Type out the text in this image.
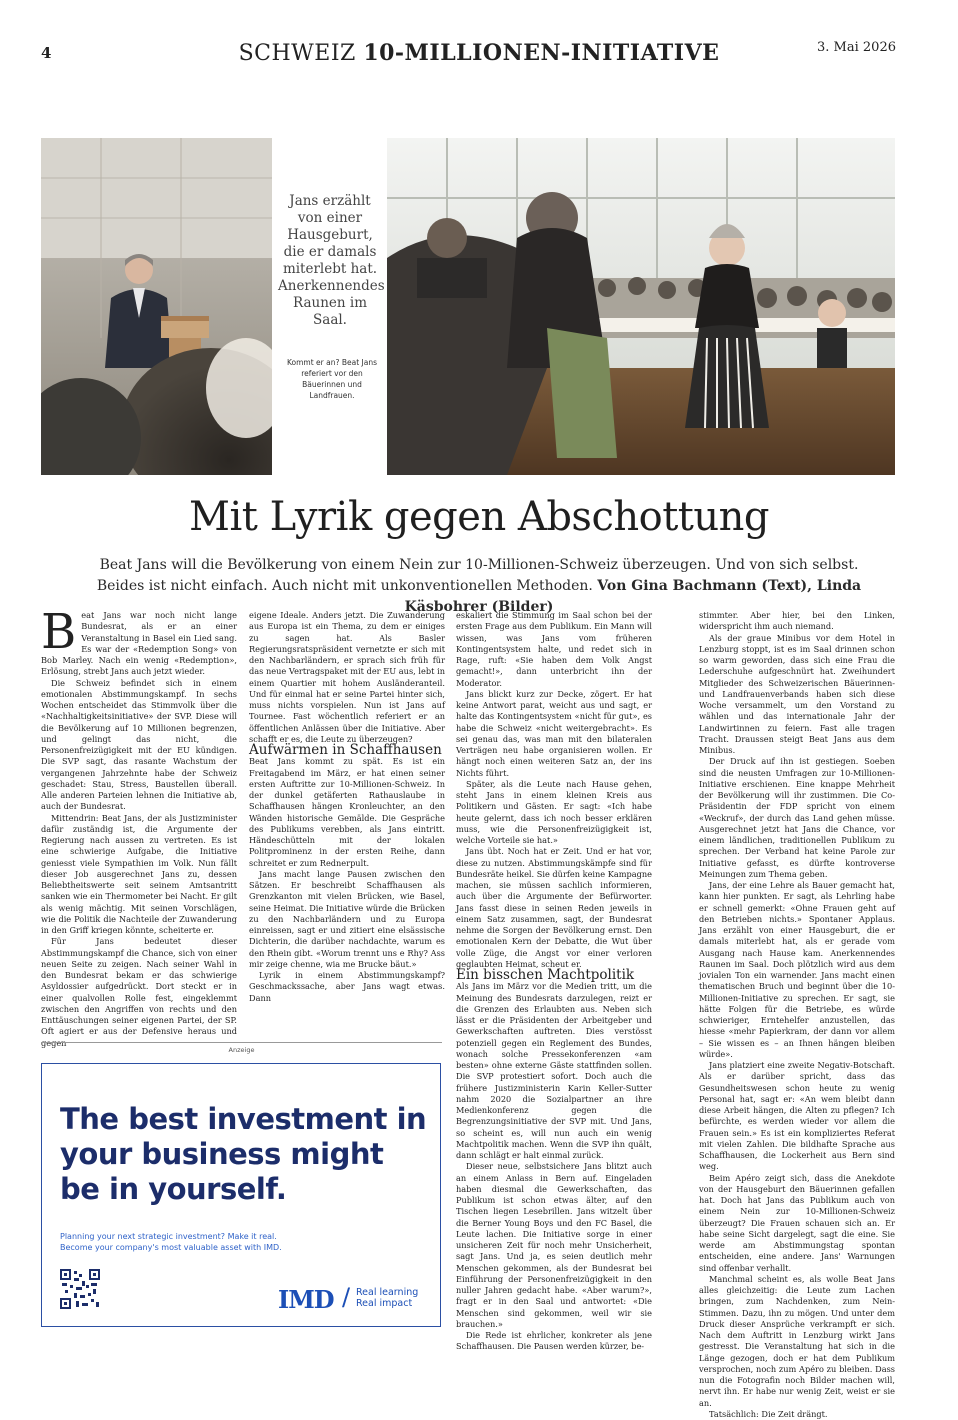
4	SCHWEIZ 10-MILLIONEN-INITIATIVE	3. Mai 2026
Jans erzählt von einer Hausgeburt, die er damals miterlebt hat. Anerkennendes Raunen im Saal.
Kommt er an? Beat Jans referiert vor den Bäuerinnen und Landfrauen.
Mit Lyrik gegen Abschottung
Beat Jans will die Bevölkerung von einem Nein zur 10-Millionen-Schweiz überzeugen. Und von sich selbst. Beides ist nicht einfach. Auch nicht mit unkonventionellen Methoden. Von Gina Bachmann (Text), Linda Käsbohrer (Bilder)

Beat Jans war noch nicht lange Bundesrat, als er an einer Veranstaltung in Basel ein Lied sang. Es war der «Redemption Song» von Bob Marley. Nach ein wenig «Redemption», Erlösung, strebt Jans auch jetzt wieder.

Die Schweiz befindet sich in einem emotionalen Abstimmungskampf. In sechs Wochen entscheidet das Stimmvolk über die «Nachhaltigkeitsinitiative» der SVP. Diese will die Bevölkerung auf 10 Millionen begrenzen, und gelingt das nicht, die Personenfreizügigkeit mit der EU kündigen. Die SVP sagt, das rasante Wachstum der vergangenen Jahrzehnte habe der Schweiz geschadet: Stau, Stress, Baustellen überall. Alle anderen Parteien lehnen die Initiative ab, auch der Bundesrat.

Mittendrin: Beat Jans, der als Justizminister dafür zuständig ist, die Argumente der Regierung nach aussen zu vertreten. Es ist eine schwierige Aufgabe, die Initiative geniesst viele Sympathien im Volk. Nun fällt dieser Job ausgerechnet Jans zu, dessen Beliebtheitswerte seit seinem Amtsantritt sanken wie ein Thermometer bei Nacht. Er gilt als wenig mächtig. Mit seinen Vorschlägen, wie die Politik die Nachteile der Zuwanderung in den Griff kriegen könnte, scheiterte er.

Für Jans bedeutet dieser Abstimmungskampf die Chance, sich von einer neuen Seite zu zeigen. Nach seiner Wahl in den Bundesrat bekam er das schwierige Asyldossier aufgedrückt. Dort steckt er in einer qualvollen Rolle fest, eingeklemmt zwischen den Angriffen von rechts und den Enttäuschungen seiner eigenen Partei, der SP. Oft agiert er aus der Defensive heraus und gegen

eigene Ideale. Anders jetzt. Die Zuwanderung aus Europa ist ein Thema, zu dem er einiges zu sagen hat. Als Basler Regierungsratspräsident vernetzte er sich mit den Nachbarländern, er sprach sich früh für das neue Vertragspaket mit der EU aus, lebt in einem Quartier mit hohem Ausländeranteil. Und für einmal hat er seine Partei hinter sich, muss nichts vorspielen. Nun ist Jans auf Tournee. Fast wöchentlich referiert er an öffentlichen Anlässen über die Initiative. Aber schafft er es, die Leute zu überzeugen?

Aufwärmen in Schaffhausen

Beat Jans kommt zu spät. Es ist ein Freitagabend im März, er hat einen seiner ersten Auftritte zur 10-Millionen-Schweiz. In der dunkel getäferten Rathauslaube in Schaffhausen hängen Kronleuchter, an den Wänden historische Gemälde. Die Gespräche des Publikums verebben, als Jans eintritt. Händeschütteln mit der lokalen Politprominenz in der ersten Reihe, dann schreitet er zum Rednerpult.

Jans macht lange Pausen zwischen den Sätzen. Er beschreibt Schaffhausen als Grenzkanton mit vielen Brücken, wie Basel, seine Heimat. Die Initiative würde die Brücken zu den Nachbarländern und zu Europa einreissen, sagt er und zitiert eine elsässische Dichterin, die darüber nachdachte, warum es den Rhein gibt. «Worum trennt uns e Rhy? Ass mir zeige chenne, wia me Brucke bäut.»

Lyrik in einem Abstimmungskampf? Geschmackssache, aber Jans wagt etwas. Dann

eskaliert die Stimmung im Saal schon bei der ersten Frage aus dem Publikum. Ein Mann will wissen, was Jans vom früheren Kontingentsystem halte, und redet sich in Rage, ruft: «Sie haben dem Volk Angst gemacht!», dann unterbricht ihn der Moderator.

Jans blickt kurz zur Decke, zögert. Er hat keine Antwort parat, weicht aus und sagt, er halte das Kontingentsystem «nicht für gut», es habe die Schweiz «nicht weitergebracht». Es sei genau das, was man mit den bilateralen Verträgen neu habe organisieren wollen. Er hängt noch einen weiteren Satz an, der ins Nichts führt.

Später, als die Leute nach Hause gehen, steht Jans in einem kleinen Kreis aus Politikern und Gästen. Er sagt: «Ich habe heute gelernt, dass ich noch besser erklären muss, wie die Personenfreizügigkeit ist, welche Vorteile sie hat.»

Jans übt. Noch hat er Zeit. Und er hat vor, diese zu nutzen. Abstimmungskämpfe sind für Bundesräte heikel. Sie dürfen keine Kampagne machen, sie müssen sachlich informieren, auch über die Argumente der Befürworter. Jans fasst diese in seinen Reden jeweils in einem Satz zusammen, sagt, der Bundesrat nehme die Sorgen der Bevölkerung ernst. Den emotionalen Kern der Debatte, die Wut über volle Züge, die Angst vor einer verloren geglaubten Heimat, scheut er.

Ein bisschen Machtpolitik

Als Jans im März vor die Medien tritt, um die Meinung des Bundesrats darzulegen, reizt er die Grenzen des Erlaubten aus. Neben sich lässt er die Präsidenten der Arbeitgeber und Gewerkschaften auftreten. Dies verstösst potenziell gegen ein Reglement des Bundes, wonach solche Pressekonferenzen «am besten» ohne externe Gäste stattfinden sollen. Die SVP protestiert sofort. Doch auch die frühere Justizministerin Karin Keller-Sutter nahm 2020 die Sozialpartner an ihre Medienkonferenz gegen die Begrenzungsinitiative der SVP mit. Und Jans, so scheint es, will nun auch ein wenig Machtpolitik machen. Wenn die SVP ihn quält, dann schlägt er halt einmal zurück.

Dieser neue, selbstsichere Jans blitzt auch an einem Anlass in Bern auf. Eingeladen haben diesmal die Gewerkschaften, das Publikum ist schon etwas älter, auf den Tischen liegen Lesebrillen. Jans witzelt über die Berner Young Boys und den FC Basel, die Leute lachen. Die Initiative sorge in einer unsicheren Zeit für noch mehr Unsicherheit, sagt Jans. Und ja, es seien deutlich mehr Menschen gekommen, als der Bundesrat bei Einführung der Personenfreizügigkeit in den nuller Jahren gedacht habe. «Aber warum?», fragt er in den Saal und antwortet: «Die Menschen sind gekommen, weil wir sie brauchen.»

Die Rede ist ehrlicher, konkreter als jene Schaffhausen. Die Pausen werden kürzer, be-

stimmter. Aber hier, bei den Linken, widerspricht ihm auch niemand.

Als der graue Minibus vor dem Hotel in Lenzburg stoppt, ist es im Saal drinnen schon so warm geworden, dass sich eine Frau die Lederschuhe aufgeschnürt hat. Zweihundert Mitglieder des Schweizerischen Bäuerinnen- und Landfrauenverbands haben sich diese Woche versammelt, um den Vorstand zu wählen und das internationale Jahr der Landwirtinnen zu feiern. Fast alle tragen Tracht. Draussen steigt Beat Jans aus dem Minibus.

Der Druck auf ihn ist gestiegen. Soeben sind die neusten Umfragen zur 10-Millionen-Initiative erschienen. Eine knappe Mehrheit der Bevölkerung will ihr zustimmen. Die Co-Präsidentin der FDP spricht von einem «Weckruf», der durch das Land gehen müsse. Ausgerechnet jetzt hat Jans die Chance, vor einem ländlichen, traditionellen Publikum zu sprechen. Der Verband hat keine Parole zur Initiative gefasst, es dürfte kontroverse Meinungen zum Thema geben.

Jans, der eine Lehre als Bauer gemacht hat, kann hier punkten. Er sagt, als Lehrling habe er schnell gemerkt: «Ohne Frauen geht auf den Betrieben nichts.» Spontaner Applaus. Jans erzählt von einer Hausgeburt, die er damals miterlebt hat, als er gerade vom Ausgang nach Hause kam. Anerkennendes Raunen im Saal. Doch plötzlich wird aus dem jovialen Ton ein warnender. Jans macht einen thematischen Bruch und beginnt über die 10-Millionen-Initiative zu sprechen. Er sagt, sie hätte Folgen für die Betriebe, es würde schwieriger, Erntehelfer anzustellen, das hiesse «mehr Papierkram, der dann vor allem – Sie wissen es – an Ihnen hängen bleiben würde».

Jans platziert eine zweite Negativ-Botschaft. Als er darüber spricht, dass das Gesundheitswesen schon heute zu wenig Personal hat, sagt er: «An wem bleibt dann diese Arbeit hängen, die Alten zu pflegen? Ich befürchte, es werden wieder vor allem die Frauen sein.» Es ist ein kompliziertes Referat mit vielen Zahlen. Die bildhafte Sprache aus Schaffhausen, die Lockerheit aus Bern sind weg.

Beim Apéro zeigt sich, dass die Anekdote von der Hausgeburt den Bäuerinnen gefallen hat. Doch hat Jans das Publikum auch von einem Nein zur 10-Millionen-Schweiz überzeugt? Die Frauen schauen sich an. Er habe seine Sicht dargelegt, sagt die eine. Sie werde am Abstimmungstag spontan entscheiden, eine andere. Jans' Warnungen sind offenbar verhallt.

Manchmal scheint es, als wolle Beat Jans alles gleichzeitig: die Leute zum Lachen bringen, zum Nachdenken, zum Nein-Stimmen. Dazu, ihn zu mögen. Und unter dem Druck dieser Ansprüche verkrampft er sich. Nach dem Auftritt in Lenzburg wirkt Jans gestresst. Die Veranstaltung hat sich in die Länge gezogen, doch er hat dem Publikum versprochen, noch zum Apéro zu bleiben. Dass nun die Fotografin noch Bilder machen will, nervt ihn. Er habe nur wenig Zeit, weist er sie an.

Tatsächlich: Die Zeit drängt.

Anzeige
The best investment in your business might be in yourself.
Planning your next strategic investment? Make it real.
Become your company's most valuable asset with IMD.
IMD / Real learning
Real impact
